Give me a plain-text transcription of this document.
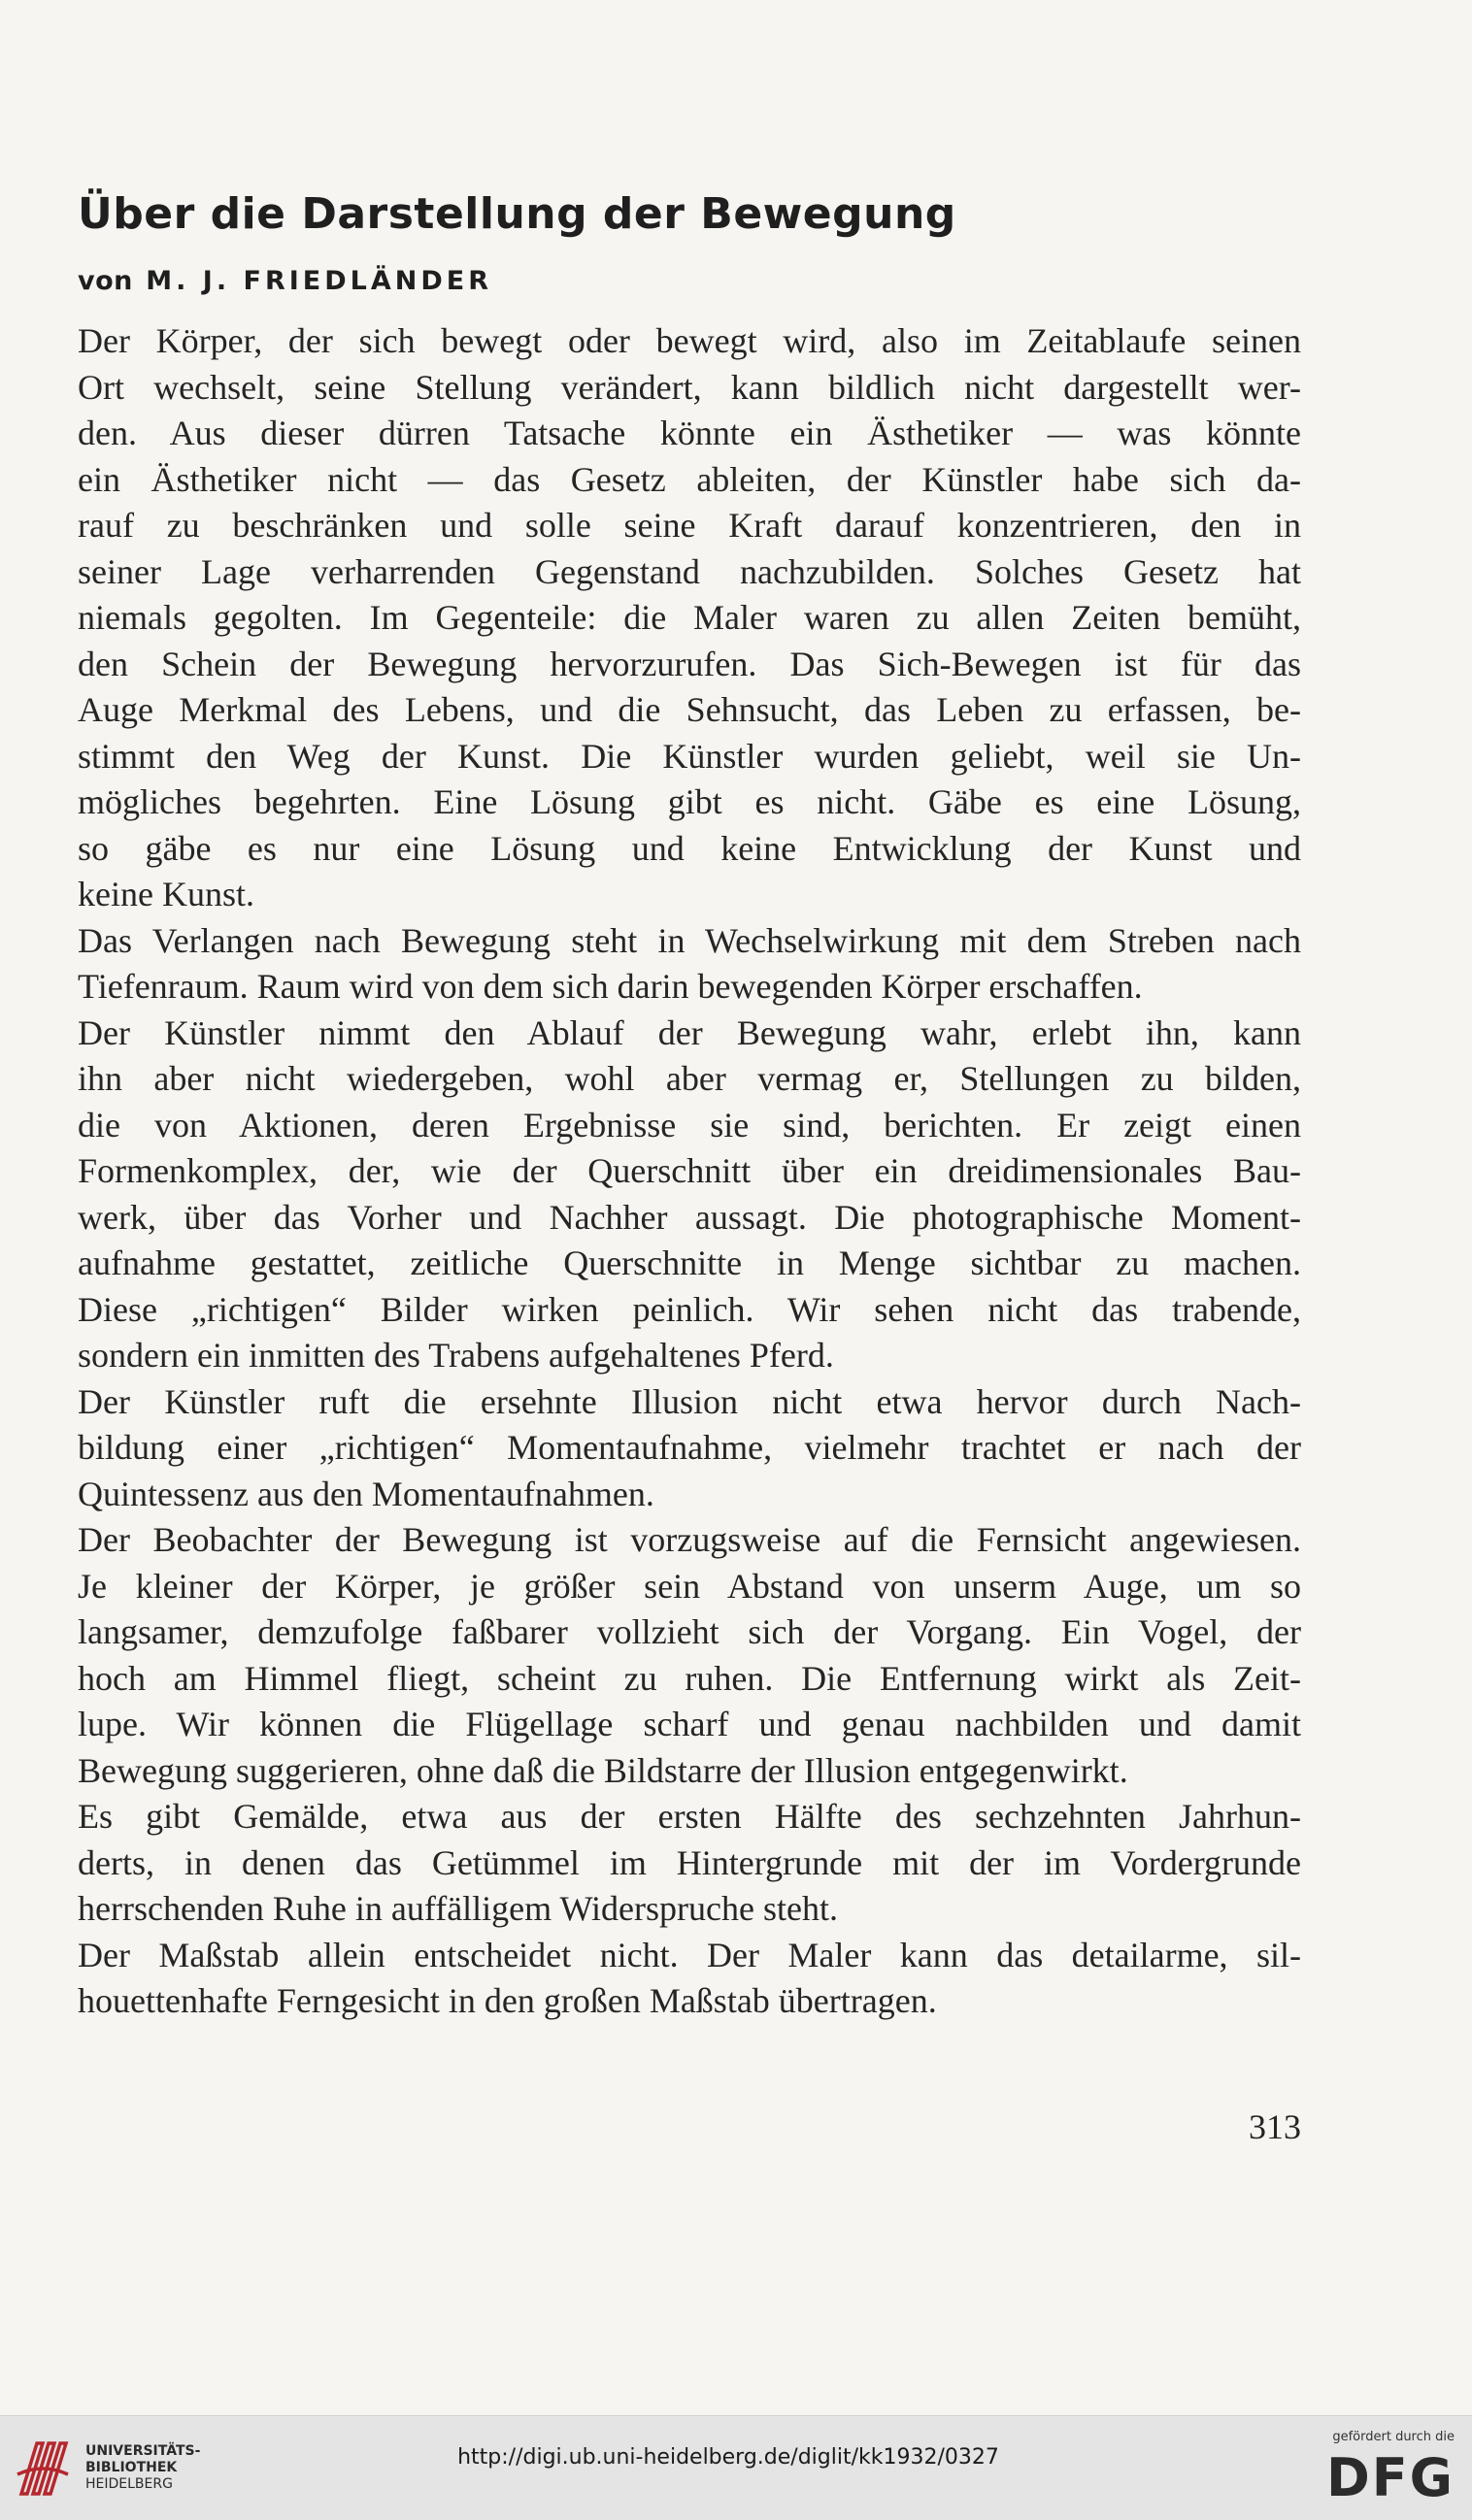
Über die Darstellung der Bewegung
von M. J. FRIEDLÄNDER
Der Körper, der sich bewegt oder bewegt wird, also im Zeitablaufe seinen
Ort wechselt, seine Stellung verändert, kann bildlich nicht dargestellt wer-
den. Aus dieser dürren Tatsache könnte ein Ästhetiker — was könnte
ein Ästhetiker nicht — das Gesetz ableiten, der Künstler habe sich da-
rauf zu beschränken und solle seine Kraft darauf konzentrieren, den in
seiner Lage verharrenden Gegenstand nachzubilden. Solches Gesetz hat
niemals gegolten. Im Gegenteile: die Maler waren zu allen Zeiten bemüht,
den Schein der Bewegung hervorzurufen. Das Sich-Bewegen ist für das
Auge Merkmal des Lebens, und die Sehnsucht, das Leben zu erfassen, be-
stimmt den Weg der Kunst. Die Künstler wurden geliebt, weil sie Un-
mögliches begehrten. Eine Lösung gibt es nicht. Gäbe es eine Lösung,
so gäbe es nur eine Lösung und keine Entwicklung der Kunst und
keine Kunst.
Das Verlangen nach Bewegung steht in Wechselwirkung mit dem Streben nach
Tiefenraum. Raum wird von dem sich darin bewegenden Körper erschaffen.
Der Künstler nimmt den Ablauf der Bewegung wahr, erlebt ihn, kann
ihn aber nicht wiedergeben, wohl aber vermag er, Stellungen zu bilden,
die von Aktionen, deren Ergebnisse sie sind, berichten. Er zeigt einen
Formenkomplex, der, wie der Querschnitt über ein dreidimensionales Bau-
werk, über das Vorher und Nachher aussagt. Die photographische Moment-
aufnahme gestattet, zeitliche Querschnitte in Menge sichtbar zu machen.
Diese „richtigen“ Bilder wirken peinlich. Wir sehen nicht das trabende,
sondern ein inmitten des Trabens aufgehaltenes Pferd.
Der Künstler ruft die ersehnte Illusion nicht etwa hervor durch Nach-
bildung einer „richtigen“ Momentaufnahme, vielmehr trachtet er nach der
Quintessenz aus den Momentaufnahmen.
Der Beobachter der Bewegung ist vorzugsweise auf die Fernsicht angewiesen.
Je kleiner der Körper, je größer sein Abstand von unserm Auge, um so
langsamer, demzufolge faßbarer vollzieht sich der Vorgang. Ein Vogel, der
hoch am Himmel fliegt, scheint zu ruhen. Die Entfernung wirkt als Zeit-
lupe. Wir können die Flügellage scharf und genau nachbilden und damit
Bewegung suggerieren, ohne daß die Bildstarre der Illusion entgegenwirkt.
Es gibt Gemälde, etwa aus der ersten Hälfte des sechzehnten Jahrhun-
derts, in denen das Getümmel im Hintergrunde mit der im Vordergrunde
herrschenden Ruhe in auffälligem Widerspruche steht.
Der Maßstab allein entscheidet nicht. Der Maler kann das detailarme, sil-
houettenhafte Ferngesicht in den großen Maßstab übertragen.
313
UNIVERSITÄTS-
BIBLIOTHEK
HEIDELBERG
http://digi.ub.uni-heidelberg.de/diglit/kk1932/0327
gefördert durch die
DFG
